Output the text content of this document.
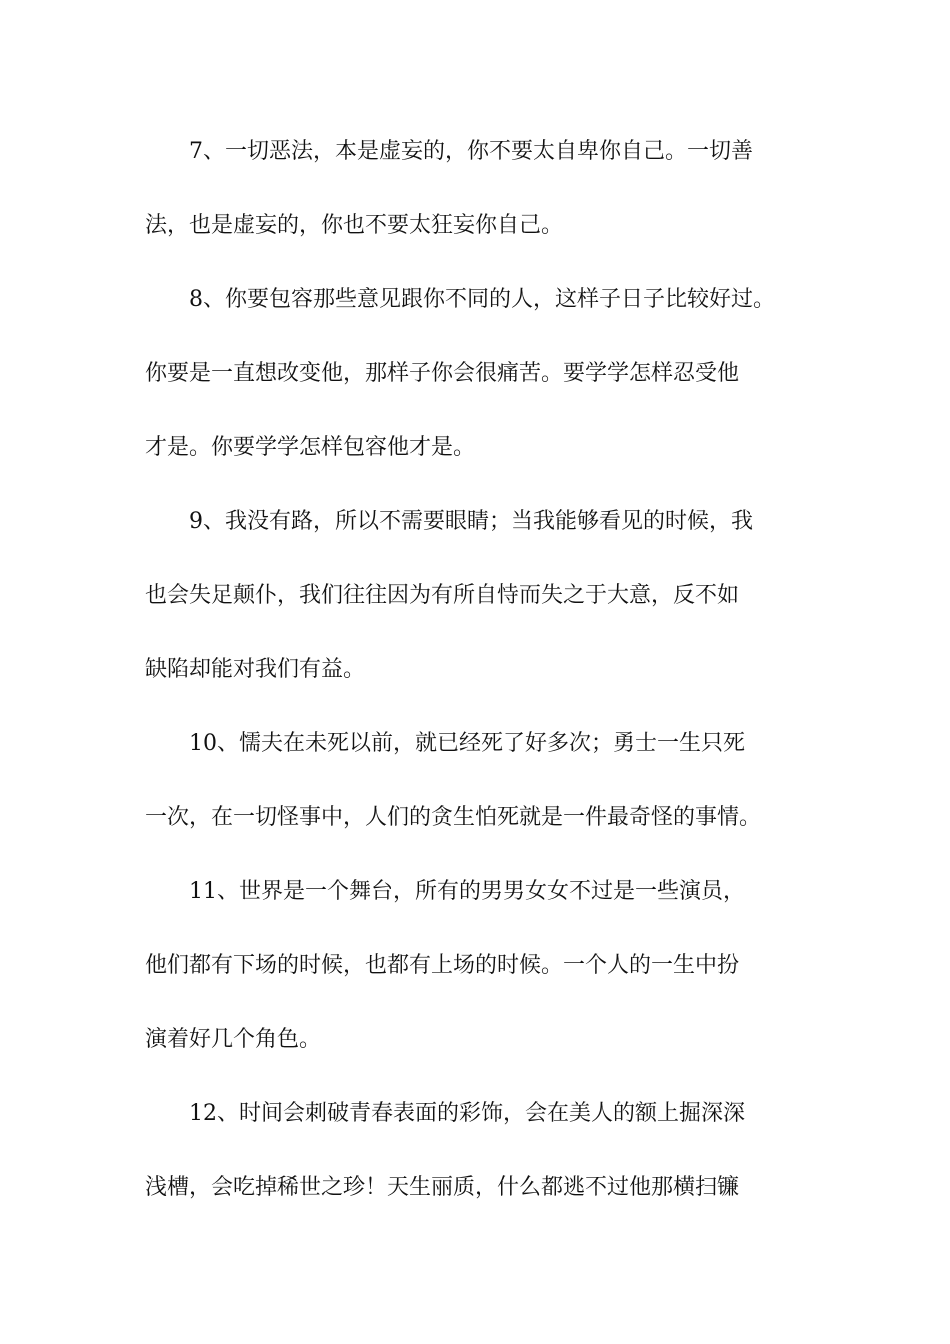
7、一切恶法，本是虚妄的，你不要太自卑你自己。一切善
法，也是虚妄的，你也不要太狂妄你自己。
8、你要包容那些意见跟你不同的人，这样子日子比较好过。
你要是一直想改变他，那样子你会很痛苦。要学学怎样忍受他
才是。你要学学怎样包容他才是。
9、我没有路，所以不需要眼睛；当我能够看见的时候，我
也会失足颠仆，我们往往因为有所自恃而失之于大意，反不如
缺陷却能对我们有益。
10、懦夫在未死以前，就已经死了好多次；勇士一生只死
一次，在一切怪事中，人们的贪生怕死就是一件最奇怪的事情。
11、世界是一个舞台，所有的男男女女不过是一些演员，
他们都有下场的时候，也都有上场的时候。一个人的一生中扮
演着好几个角色。
12、时间会刺破青春表面的彩饰，会在美人的额上掘深深
浅槽，会吃掉稀世之珍！天生丽质，什么都逃不过他那横扫镰
